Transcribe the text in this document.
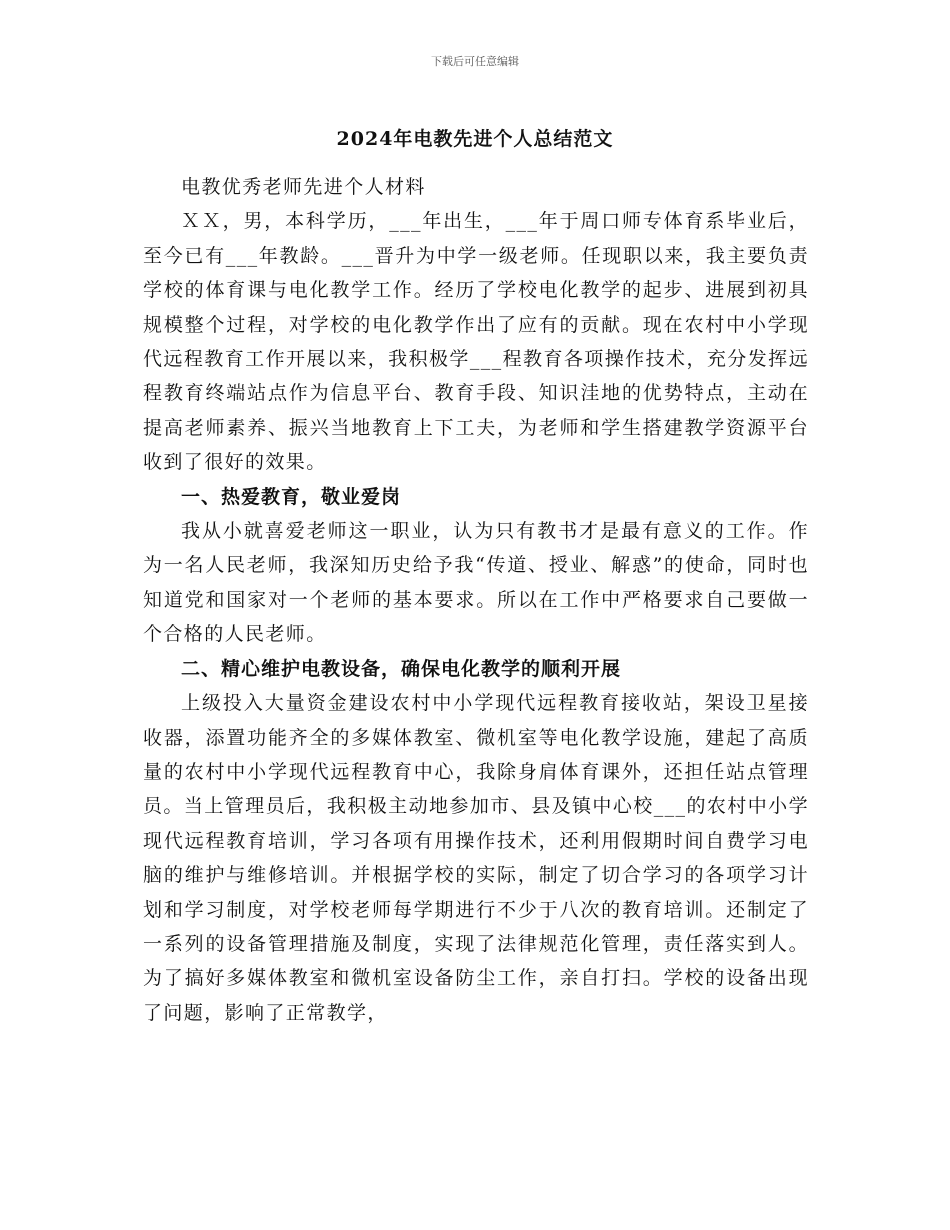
下载后可任意编辑
2024年电教先进个人总结范文

电教优秀老师先进个人材料

ＸＸ，男，本科学历，___年出生，___年于周口师专体育系毕业后，至今已有___年教龄。___晋升为中学一级老师。任现职以来，我主要负责学校的体育课与电化教学工作。经历了学校电化教学的起步、进展到初具规模整个过程，对学校的电化教学作出了应有的贡献。现在农村中小学现代远程教育工作开展以来，我积极学___程教育各项操作技术，充分发挥远程教育终端站点作为信息平台、教育手段、知识洼地的优势特点，主动在提高老师素养、振兴当地教育上下工夫，为老师和学生搭建教学资源平台收到了很好的效果。

一、热爱教育，敬业爱岗

我从小就喜爱老师这一职业，认为只有教书才是最有意义的工作。作为一名人民老师，我深知历史给予我“传道、授业、解惑”的使命，同时也知道党和国家对一个老师的基本要求。所以在工作中严格要求自己要做一个合格的人民老师。

二、精心维护电教设备，确保电化教学的顺利开展

上级投入大量资金建设农村中小学现代远程教育接收站，架设卫星接收器，添置功能齐全的多媒体教室、微机室等电化教学设施，建起了高质量的农村中小学现代远程教育中心，我除身肩体育课外，还担任站点管理员。当上管理员后，我积极主动地参加市、县及镇中心校___的农村中小学现代远程教育培训，学习各项有用操作技术，还利用假期时间自费学习电脑的维护与维修培训。并根据学校的实际，制定了切合学习的各项学习计划和学习制度，对学校老师每学期进行不少于八次的教育培训。还制定了一系列的设备管理措施及制度，实现了法律规范化管理，责任落实到人。为了搞好多媒体教室和微机室设备防尘工作，亲自打扫。学校的设备出现了问题，影响了正常教学，
